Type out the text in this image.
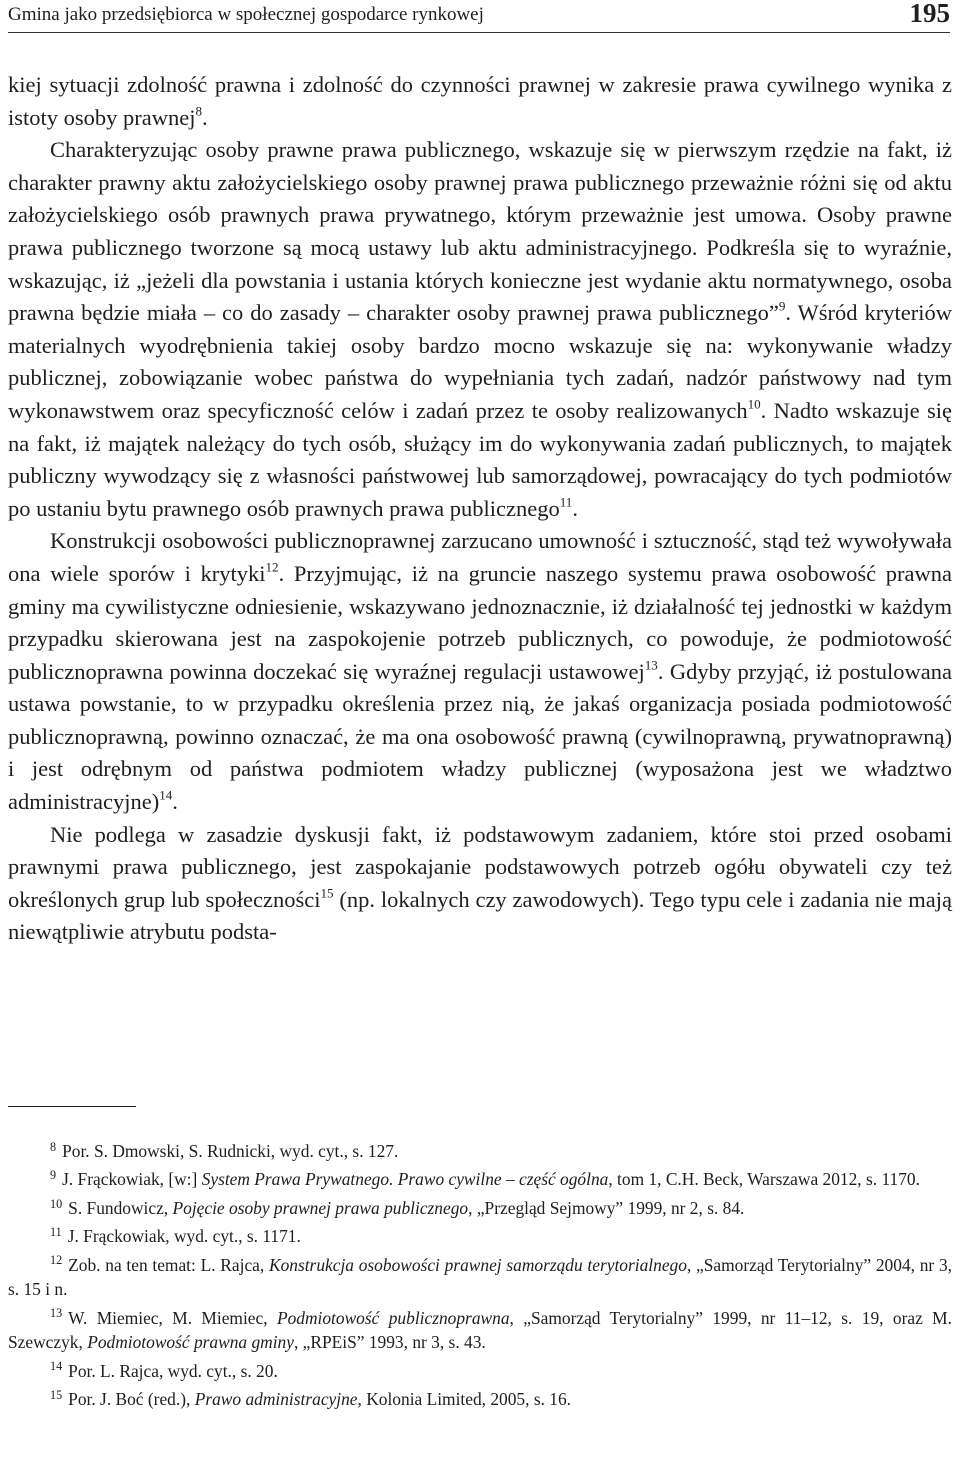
Gmina jako przedsiębiorca w społecznej gospodarce rynkowej	195

kiej sytuacji zdolność prawna i zdolność do czynności prawnej w zakresie prawa cywilnego wynika z istoty osoby prawnej$^8$.

Charakteryzując osoby prawne prawa publicznego, wskazuje się w pierwszym rzędzie na fakt, iż charakter prawny aktu założycielskiego osoby prawnej prawa publicznego przeważnie różni się od aktu założycielskiego osób prawnych prawa prywatnego, którym przeważnie jest umowa. Osoby prawne prawa publicznego tworzone są mocą ustawy lub aktu administracyjnego. Podkreśla się to wyraźnie, wskazując, iż „jeżeli dla powstania i ustania których konieczne jest wydanie aktu normatywnego, osoba prawna będzie miała – co do zasady – charakter osoby prawnej prawa publicznego”$^9$. Wśród kryteriów materialnych wyodrębnienia takiej osoby bardzo mocno wskazuje się na: wykonywanie władzy publicznej, zobowiązanie wobec państwa do wypełniania tych zadań, nadzór państwowy nad tym wykonawstwem oraz specyficzność celów i zadań przez te osoby realizowanych$^{10}$. Nadto wskazuje się na fakt, iż majątek należący do tych osób, służący im do wykonywania zadań publicznych, to majątek publiczny wywodzący się z własności państwowej lub samorządowej, powracający do tych podmiotów po ustaniu bytu prawnego osób prawnych prawa publicznego$^{11}$.

Konstrukcji osobowości publicznoprawnej zarzucano umowność i sztuczność, stąd też wywoływała ona wiele sporów i krytyki$^{12}$. Przyjmując, iż na gruncie naszego systemu prawa osobowość prawna gminy ma cywilistyczne odniesienie, wskazywano jednoznacznie, iż działalność tej jednostki w każdym przypadku skierowana jest na zaspokojenie potrzeb publicznych, co powoduje, że podmiotowość publicznoprawna powinna doczekać się wyraźnej regulacji ustawowej$^{13}$. Gdyby przyjąć, iż postulowana ustawa powstanie, to w przypadku określenia przez nią, że jakaś organizacja posiada podmiotowość publicznoprawną, powinno oznaczać, że ma ona osobowość prawną (cywilnoprawną, prywatnoprawną) i jest odrębnym od państwa podmiotem władzy publicznej (wyposażona jest we władztwo administracyjne)$^{14}$.

Nie podlega w zasadzie dyskusji fakt, iż podstawowym zadaniem, które stoi przed osobami prawnymi prawa publicznego, jest zaspokajanie podstawowych potrzeb ogółu obywateli czy też określonych grup lub społeczności$^{15}$ (np. lokalnych czy zawodowych). Tego typu cele i zadania nie mają niewątpliwie atrybutu podsta-

$^8$ Por. S. Dmowski, S. Rudnicki, wyd. cyt., s. 127.
$^9$ J. Frąckowiak, [w:] System Prawa Prywatnego. Prawo cywilne – część ogólna, tom 1, C.H. Beck, Warszawa 2012, s. 1170.
$^{10}$ S. Fundowicz, Pojęcie osoby prawnej prawa publicznego, „Przegląd Sejmowy” 1999, nr 2, s. 84.
$^{11}$ J. Frąckowiak, wyd. cyt., s. 1171.
$^{12}$ Zob. na ten temat: L. Rajca, Konstrukcja osobowości prawnej samorządu terytorialnego, „Samorząd Terytorialny” 2004, nr 3, s. 15 i n.
$^{13}$ W. Miemiec, M. Miemiec, Podmiotowość publicznoprawna, „Samorząd Terytorialny” 1999, nr 11–12, s. 19, oraz M. Szewczyk, Podmiotowość prawna gminy, „RPEiS” 1993, nr 3, s. 43.
$^{14}$ Por. L. Rajca, wyd. cyt., s. 20.
$^{15}$ Por. J. Boć (red.), Prawo administracyjne, Kolonia Limited, 2005, s. 16.
